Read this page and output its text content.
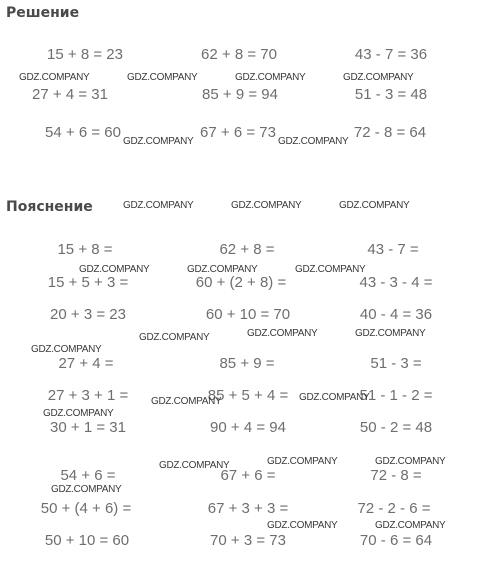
Решение
15 + 8 = 23	62 + 8 = 70	43 - 7 = 36
27 + 4 = 31	85 + 9 = 94	51 - 3 = 48
54 + 6 = 60	67 + 6 = 73	72 - 8 = 64
Пояснение
15 + 8 =	62 + 8 =	43 - 7 =
15 + 5 + 3 =	60 + (2 + 8) =	43 - 3 - 4 =
20 + 3 = 23	60 + 10 = 70	40 - 4 = 36
27 + 4 =	85 + 9 =	51 - 3 =
27 + 3 + 1 =	85 + 5 + 4 =	51 - 1 - 2 =
30 + 1 = 31	90 + 4 = 94	50 - 2 = 48
54 + 6 =	67 + 6 =	72 - 8 =
50 + (4 + 6) =	67 + 3 + 3 =	72 - 2 - 6 =
50 + 10 = 60	70 + 3 = 73	70 - 6 = 64
GDZ.COMPANY	GDZ.COMPANY	GDZ.COMPANY	GDZ.COMPANY
GDZ.COMPANY	GDZ.COMPANY
GDZ.COMPANY	GDZ.COMPANY	GDZ.COMPANY
GDZ.COMPANY	GDZ.COMPANY	GDZ.COMPANY
GDZ.COMPANY	GDZ.COMPANY	GDZ.COMPANY
GDZ.COMPANY
GDZ.COMPANY	GDZ.COMPANY
GDZ.COMPANY
GDZ.COMPANY	GDZ.COMPANY	GDZ.COMPANY
GDZ.COMPANY
GDZ.COMPANY	GDZ.COMPANY
